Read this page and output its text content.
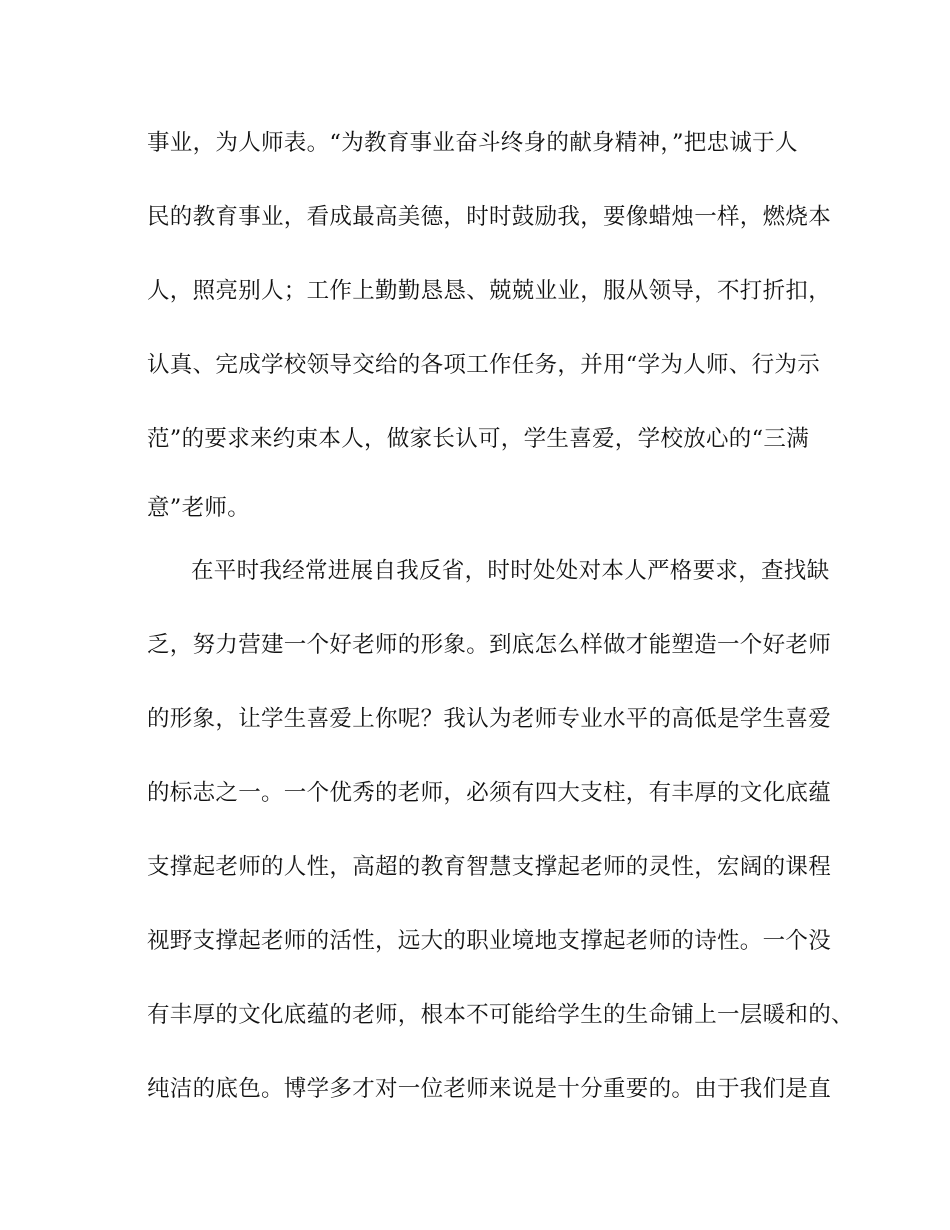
事业，为人师表。“为教育事业奋斗终身的献身精神，”把忠诚于人

民的教育事业，看成最高美德，时时鼓励我，要像蜡烛一样，燃烧本

人，照亮别人；工作上勤勤恳恳、兢兢业业，服从领导，不打折扣，

认真、完成学校领导交给的各项工作任务，并用“学为人师、行为示

范”的要求来约束本人，做家长认可，学生喜爱，学校放心的“三满

意”老师。

在平时我经常进展自我反省，时时处处对本人严格要求，查找缺

乏，努力营建一个好老师的形象。到底怎么样做才能塑造一个好老师

的形象，让学生喜爱上你呢？我认为老师专业水平的高低是学生喜爱

的标志之一。一个优秀的老师，必须有四大支柱，有丰厚的文化底蕴

支撑起老师的人性，高超的教育智慧支撑起老师的灵性，宏阔的课程

视野支撑起老师的活性，远大的职业境地支撑起老师的诗性。一个没

有丰厚的文化底蕴的老师，根本不可能给学生的生命铺上一层暖和的、

纯洁的底色。博学多才对一位老师来说是十分重要的。由于我们是直
